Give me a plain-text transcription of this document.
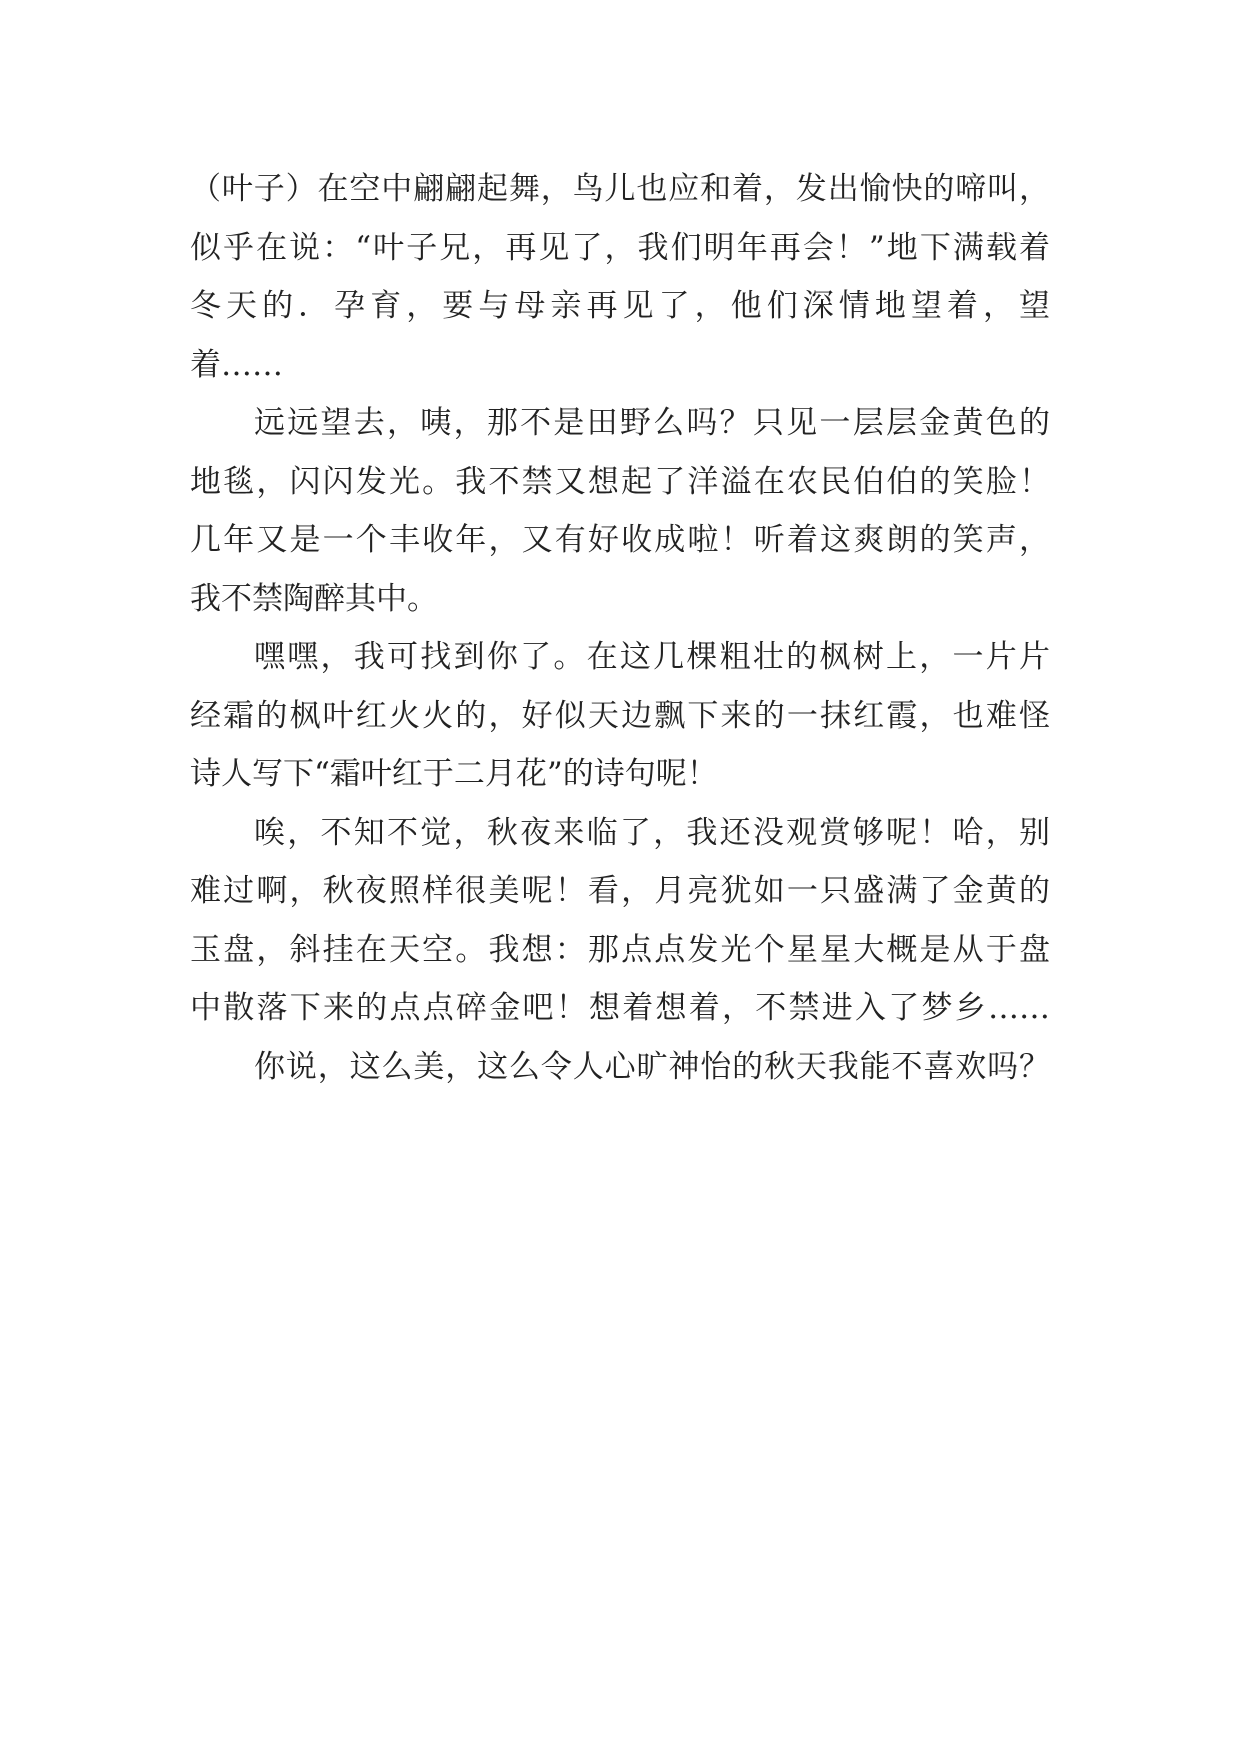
（叶子）在空中翩翩起舞，鸟儿也应和着，发出愉快的啼叫，
似乎在说：“叶子兄，再见了，我们明年再会！”地下满载着
冬天的．孕育，要与母亲再见了，他们深情地望着，望
着……
远远望去，咦，那不是田野么吗？只见一层层金黄色的
地毯，闪闪发光。我不禁又想起了洋溢在农民伯伯的笑脸！
几年又是一个丰收年，又有好收成啦！听着这爽朗的笑声，
我不禁陶醉其中。
嘿嘿，我可找到你了。在这几棵粗壮的枫树上，一片片
经霜的枫叶红火火的，好似天边飘下来的一抹红霞，也难怪
诗人写下“霜叶红于二月花”的诗句呢！
唉，不知不觉，秋夜来临了，我还没观赏够呢！哈，别
难过啊，秋夜照样很美呢！看，月亮犹如一只盛满了金黄的
玉盘，斜挂在天空。我想：那点点发光个星星大概是从于盘
中散落下来的点点碎金吧！想着想着，不禁进入了梦乡……
你说，这么美，这么令人心旷神怡的秋天我能不喜欢吗？
